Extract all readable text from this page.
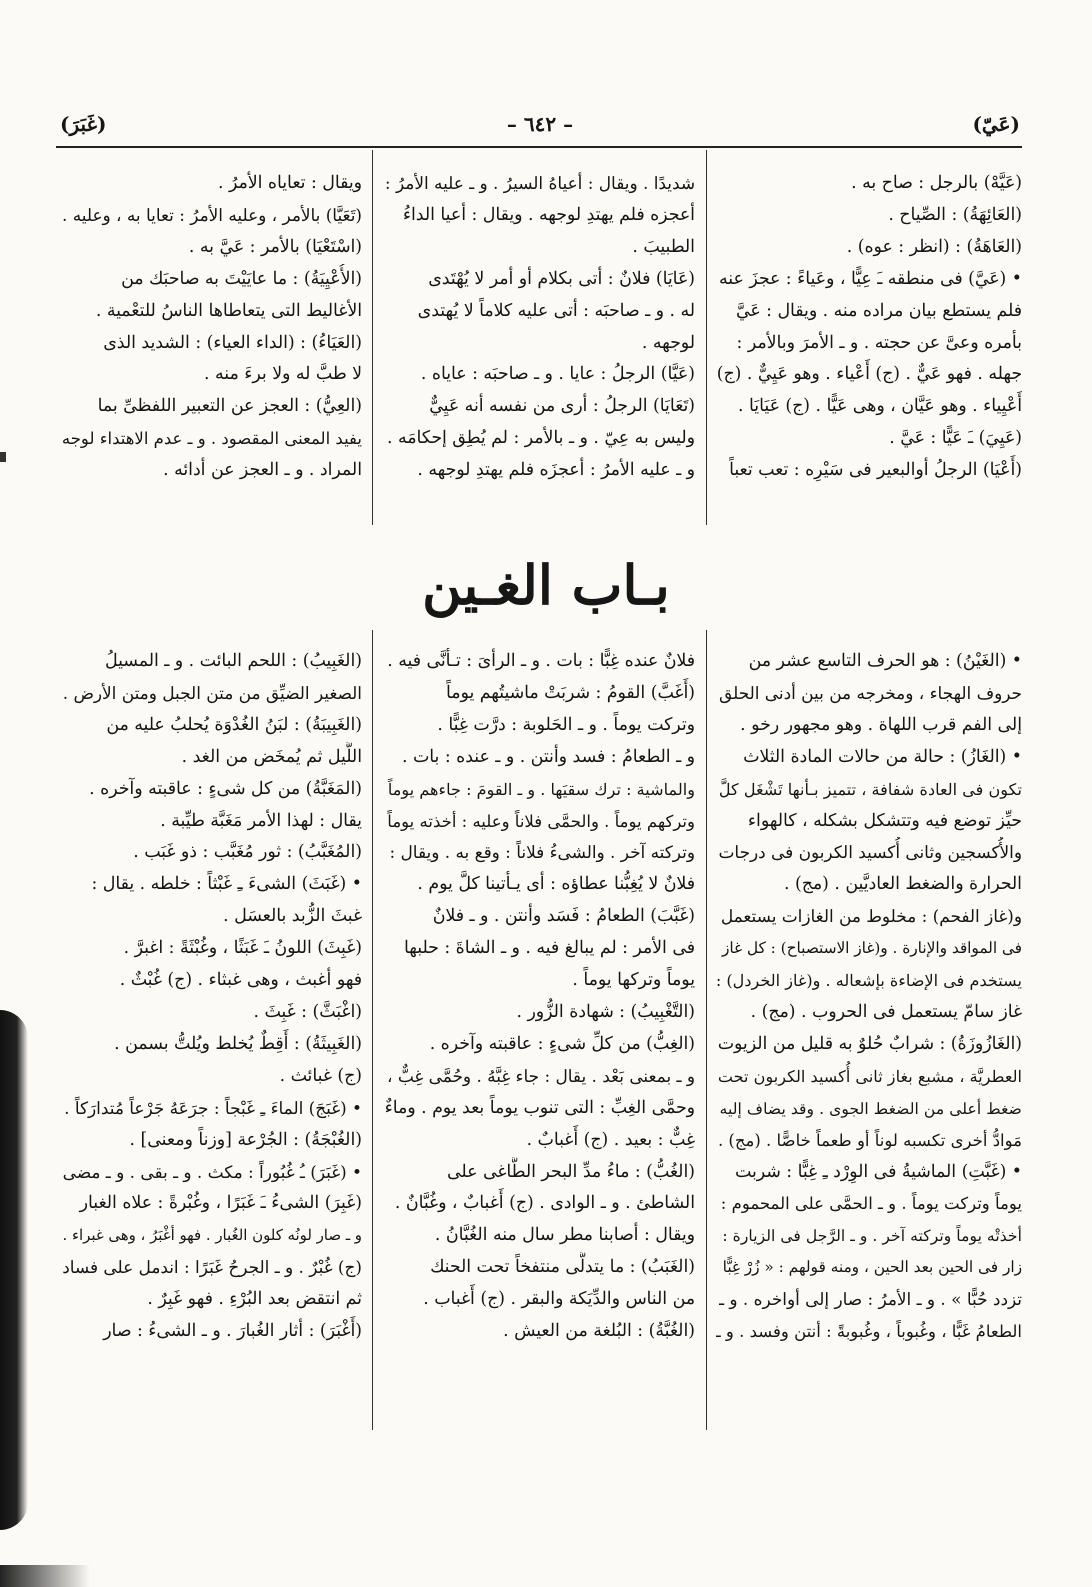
(عَيّ)
– ٦٤٢ –
(غَبَرَ)
(عَيَّهْ) بالرجل : صاح به .
(العَائِهَةُ) : الصِّياح .
(العَاهَةُ) : (انظر : عوه) .
• (عَيَّ) فى منطقه ـَ عِيًّا ، وعَياءً : عجزَ عنه
فلم يستطع بيان مراده منه . ويقال : عَيَّ
بأمره وعىَّ عن حجته . و ـ الأمرَ وبالأمر :
جهله . فهو عَيٌّ . (ج) أَعْياء . وهو عَيِيٌّ . (ج)
أَعْيِياء . وهو عَيَّان ، وهى عَيًّا . (ج) عَيَايَا .
(عَيِيَ) ـَ عَيًّا : عَيَّ .
(أَعْيَا) الرجلُ أوالبعير فى سَيْرِه : تعب تعباً
شديدًا . ويقال : أعياهُ السيرُ . و ـ عليه الأمرُ :
أعجزه فلم يهتدِ لوجهه . ويقال : أعيا الداءُ
الطبيبَ .
(عَايَا) فلانٌ : أتى بكلام أو أمر لا يُهْتَدى
له . و ـ صاحبَه : أتى عليه كلاماً لا يُهتدى
لوجهه .
(عَيَّا) الرجلُ : عايا . و ـ صاحبَه : عاياه .
(تَعَايَا) الرجلُ : أرى من نفسه أنه عَيِيٌّ
وليس به عِيّ . و ـ بالأمر : لم يُطِق إحكامَه .
و ـ عليه الأمرُ : أعجزَه فلم يهتدِ لوجهه .
ويقال : تعاياه الأمرُ .
(تَعَيَّا) بالأمر ، وعليه الأمرُ : تعايا به ، وعليه .
(اسْتَعْيَا) بالأمر : عَيَّ به .
(الأُعْيِيَةُ) : ما عايَيْتَ به صاحبَك من
الأغاليط التى يتعاطاها الناسُ للتعْمية .
(العَيَاءُ) : (الداء العياء) : الشديد الذى
لا طبَّ له ولا برءَ منه .
(العِيُّ) : العجز عن التعبير اللفظىِّ بما
يفيد المعنى المقصود . و ـ عدم الاهتداء لوجه
المراد . و ـ العجز عن أدائه .
بـاب الغـين
• (الغَيْنُ) : هو الحرف التاسع عشر من
حروف الهجاء ، ومخرجه من بين أدنى الحلق
إلى الفم قرب اللهاة . وهو مجهور رخو .
• (الغَازُ) : حالة من حالات المادة الثلاث
تكون فى العادة شفافة ، تتميز بـأنها تَشْغَل كلَّ
حيِّز توضع فيه وتتشكل بشكله ، كالهواء
والأُكسجين وثانى أُكسيد الكربون فى درجات
الحرارة والضغط العاديَّين . (مج) .
و(غاز الفحم) : مخلوط من الغازات يستعمل
فى المواقد والإنارة . و(غاز الاستصباح) : كل غاز
يستخدم فى الإضاءة بإشعاله . و(غاز الخردل) :
غاز سامّ يستعمل فى الحروب . (مج) .
(الغَازُوزَةُ) : شرابٌ حُلوٌ به قليل من الزيوت
العطريَّة ، مشبع بغاز ثانى أُكسيد الكربون تحت
ضغط أعلى من الضغط الجوى . وقد يضاف إليه
مَوادُّ أخرى تكسبه لوناً أو طعماً خاصًّا . (مج) .
• (غَبَّتِ) الماشيةُ فى الوِرْد ـِ غِبًّا : شربت
يوماً وتركت يوماً . و ـ الحمَّى على المحموم :
أخذتْه يوماً وتركته آخر . و ـ الرَّجل فى الزيارة :
زار فى الحين بعد الحين ، ومنه قولهم : « زُرْ غِبًّا
تزدد حُبًّا » . و ـ الأمرُ : صار إلى أواخره . و ـ
الطعامُ غَبًّا ، وغُبوباً ، وغُبوبةً : أنتن وفسد . و ـ
فلانٌ عنده غِبًّا : بات . و ـ الرأىَ : تـأنَّى فيه .
(أَغَبَّ) القومُ : شربَتْ ماشيتُهم يوماً
وتركت يوماً . و ـ الحَلوبة : درَّت غِبًّا .
و ـ الطعامُ : فسد وأنتن . و ـ عنده : بات .
والماشية : ترك سقيَها . و ـ القومَ : جاءهم يوماً
وتركهم يوماً . والحمَّى فلاناً وعليه : أخذته يوماً
وتركته آخر . والشىءُ فلاناً : وقع به . ويقال :
فلانٌ لا يُغِبُّنا عطاؤه : أى يـأتينا كلَّ يوم .
(غَبَّبَ) الطعامُ : فَسَد وأنتن . و ـ فلانٌ
فى الأمر : لم يبالغ فيه . و ـ الشاةَ : حلبها
يوماً وتركها يوماً .
(التَّغْبِيبُ) : شهادة الزُّور .
(الغِبُّ) من كلِّ شىءٍ : عاقبته وآخره .
و ـ بمعنى بَعْد . يقال : جاء غِبَّهُ . وحُمَّى غِبٌّ ،
وحمَّى الغِبِّ : التى تنوب يوماً بعد يوم . وماءٌ
غِبٌّ : بعيد . (ج) أَغبابٌ .
(الغُبُّ) : ماءُ مدِّ البحر الطَّاغى على
الشاطئ . و ـ الوادى . (ج) أَغبابٌ ، وغُبَّانٌ .
ويقال : أصابنا مطر سال منه الغُبَّانُ .
(الغَبَبُ) : ما يتدلَّى منتفخاً تحت الحنك
من الناس والدِّيَكة والبقر . (ج) أَغباب .
(الغُبَّةُ) : البُلغة من العيش .
(الغَبِيبُ) : اللحم البائت . و ـ المسيلُ
الصغير الضيِّق من متن الجبل ومتن الأرض .
(الغَبِيبَةُ) : لبَنُ الغُدْوَة يُحلبُ عليه من
اللَّيل ثم يُمخَض من الغد .
(المَغَبَّةُ) من كل شىءٍ : عاقبته وآخره .
يقال : لهذا الأمر مَغَبَّة طيِّبة .
(المُغَبَّبُ) : ثور مُغَبَّب : ذو غَبَب .
• (غَبَثَ) الشىءَ ـِ غَبْثاً : خلطه . يقال :
غبثَ الزُّبد بالعسَل .
(غَبِثَ) اللونُ ـَ غَبَثًا ، وغُبْثَةً : اغبرَّ .
فهو أغبث ، وهى غبثاء . (ج) غُبْثٌ .
(اغْبَثَّ) : غَبِثَ .
(الغَبِيثَةُ) : أَقِطٌ يُخلط ويُلتُّ بسمن .
(ج) غبائث .
• (غَبَجَ) الماءَ ـِ غَبْجاً : جرَعَهُ جَرْعاً مُتدارَكاً .
(الغُبْجَةُ) : الجُرْعة [وزناً ومعنى] .
• (غَبَرَ) ـُ غُبُوراً : مكث . و ـ بقى . و ـ مضى
(غَبِرَ) الشىءُ ـَ غَبَرًا ، وغُبْرةً : علاه الغبار
و ـ صار لونُه كلون الغُبار . فهو أغْبَرُ ، وهى غبراء .
(ج) غُبْرٌ . و ـ الجرحُ غَبَرًا : اندمل على فساد
ثم انتقض بعد البُرْءِ . فهو غَبِرٌ .
(أَغْبَرَ) : أثار الغُبارَ . و ـ الشىءُ : صار
